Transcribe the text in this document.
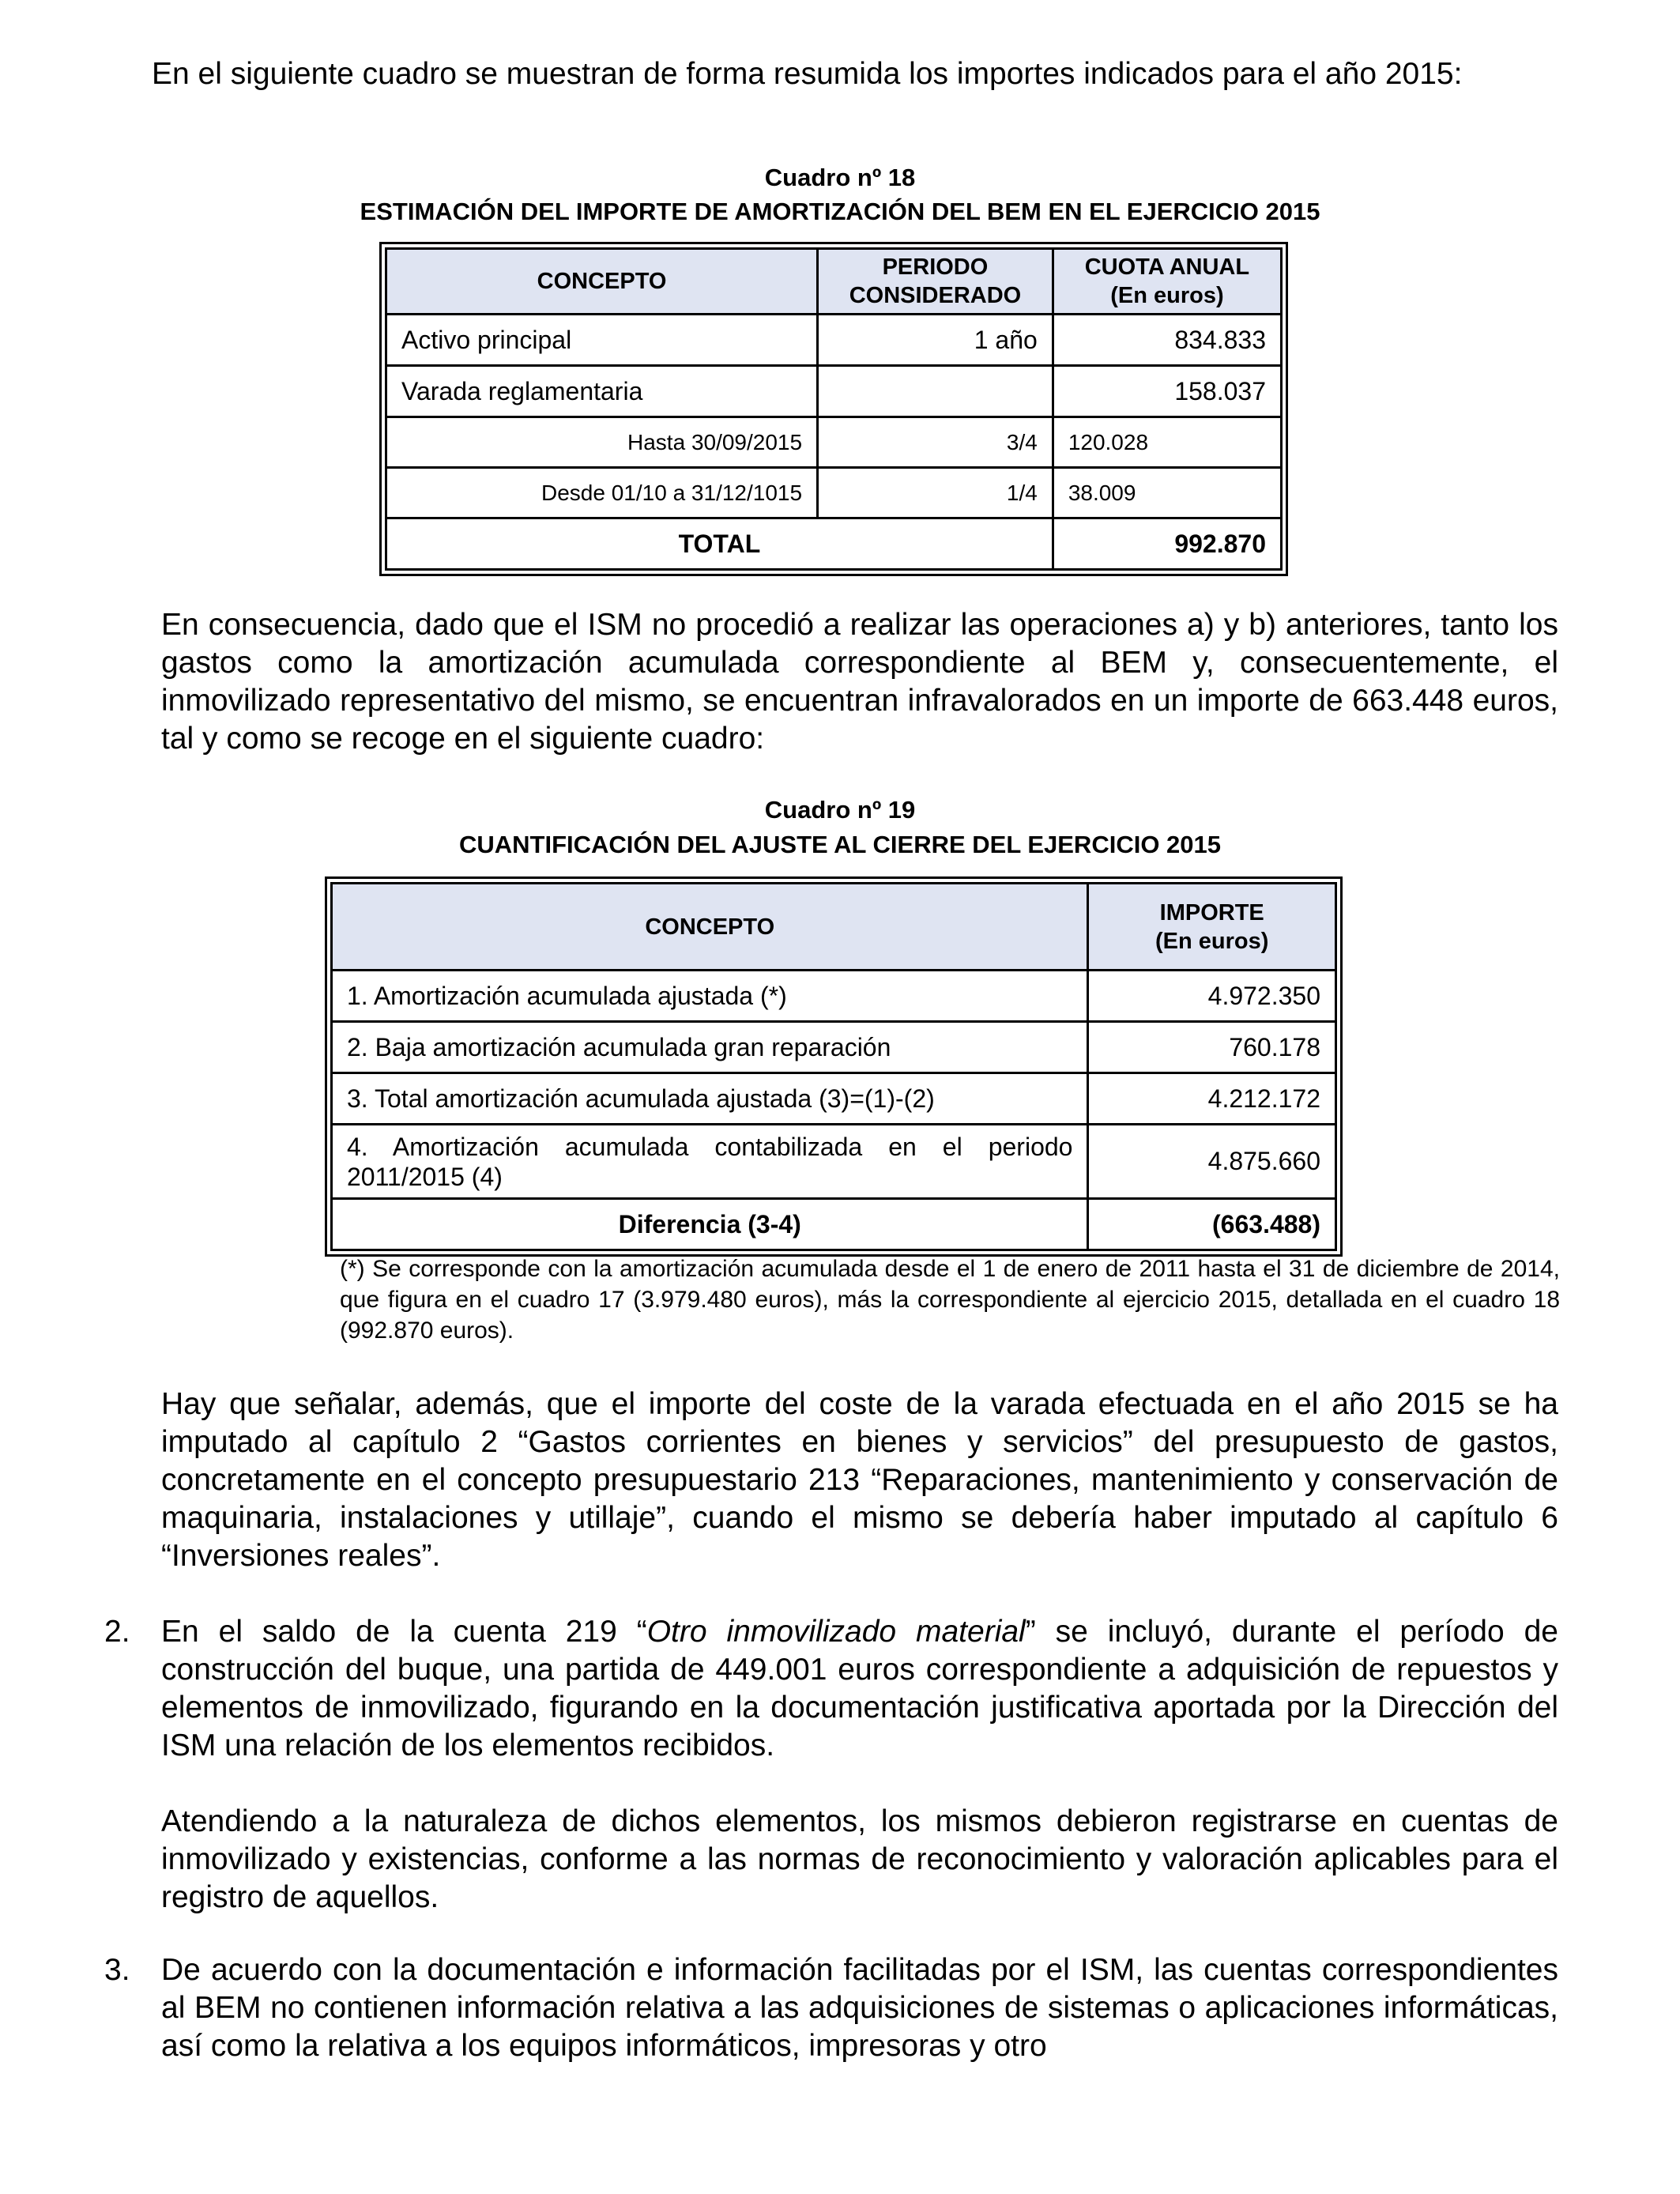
En el siguiente cuadro se muestran de forma resumida los importes indicados para el año 2015:

Cuadro nº 18
ESTIMACIÓN DEL IMPORTE DE AMORTIZACIÓN DEL BEM EN EL EJERCICIO 2015
CONCEPTO	PERIODO CONSIDERADO	CUOTA ANUAL
(En euros)

Activo principal	1 año	834.833
Varada reglamentaria		158.037
Hasta 30/09/2015	3/4	120.028
Desde 01/10 a 31/12/1015	1/4	38.009
TOTAL		992.870

En consecuencia, dado que el ISM no procedió a realizar las operaciones a) y b) anteriores, tanto los gastos como la amortización acumulada correspondiente al BEM y, consecuentemente, el inmovilizado representativo del mismo, se encuentran infravalorados en un importe de 663.448 euros, tal y como se recoge en el siguiente cuadro:

Cuadro nº 19
CUANTIFICACIÓN DEL AJUSTE AL CIERRE DEL EJERCICIO 2015
CONCEPTO	IMPORTE
(En euros)

1. Amortización acumulada ajustada (*)	4.972.350
2. Baja amortización acumulada gran reparación	760.178
3. Total amortización acumulada ajustada (3)=(1)-(2)	4.212.172
4. Amortización acumulada contabilizada en el periodo 2011/2015 (4)	4.875.660
Diferencia (3-4)	(663.488)

(*) Se corresponde con la amortización acumulada desde el 1 de enero de 2011 hasta el 31 de diciembre de 2014, que figura en el cuadro 17 (3.979.480 euros), más la correspondiente al ejercicio 2015, detallada en el cuadro 18 (992.870 euros).

Hay que señalar, además, que el importe del coste de la varada efectuada en el año 2015 se ha imputado al capítulo 2 “Gastos corrientes en bienes y servicios” del presupuesto de gastos, concretamente en el concepto presupuestario 213 “Reparaciones, mantenimiento y conservación de maquinaria, instalaciones y utillaje”, cuando el mismo se debería haber imputado al capítulo 6 “Inversiones reales”.

2. En el saldo de la cuenta 219 “Otro inmovilizado material” se incluyó, durante el período de construcción del buque, una partida de 449.001 euros correspondiente a adquisición de repuestos y elementos de inmovilizado, figurando en la documentación justificativa aportada por la Dirección del ISM una relación de los elementos recibidos.

Atendiendo a la naturaleza de dichos elementos, los mismos debieron registrarse en cuentas de inmovilizado y existencias, conforme a las normas de reconocimiento y valoración aplicables para el registro de aquellos.

3. De acuerdo con la documentación e información facilitadas por el ISM, las cuentas correspondientes al BEM no contienen información relativa a las adquisiciones de sistemas o aplicaciones informáticas, así como la relativa a los equipos informáticos, impresoras y otro
